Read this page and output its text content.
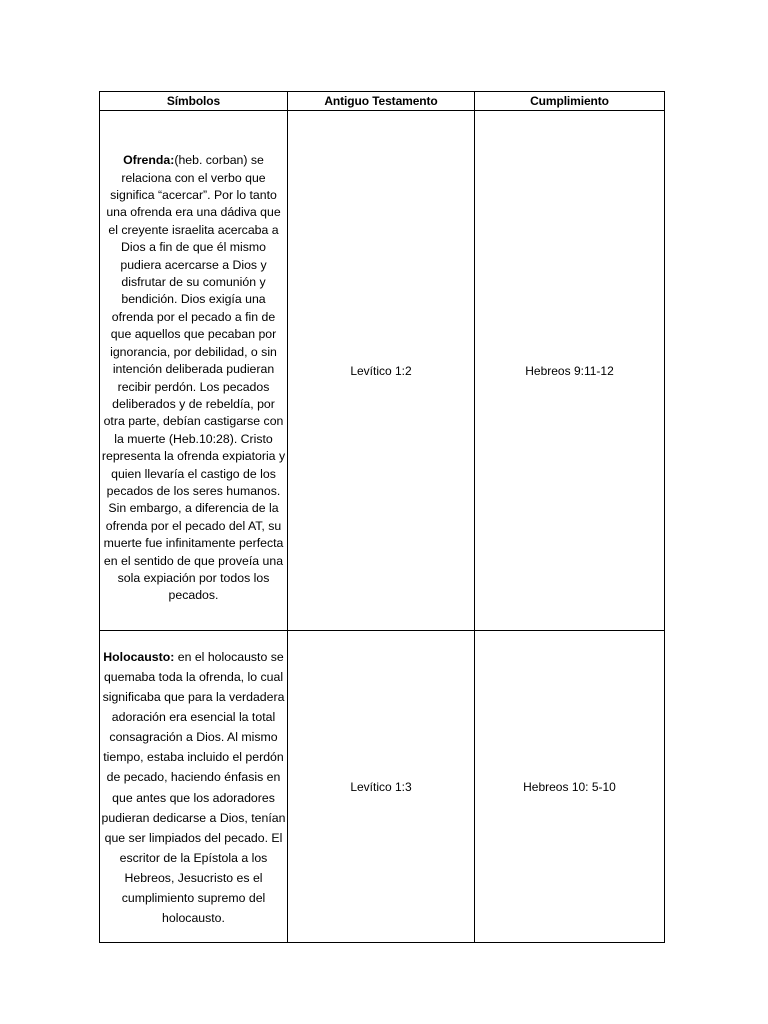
Símbolos	Antiguo Testamento	Cumplimiento
Ofrenda:(heb. corban) se relaciona con el verbo que significa “acercar”. Por lo tanto una ofrenda era una dádiva que el creyente israelita acercaba a Dios a fin de que él mismo pudiera acercarse a Dios y disfrutar de su comunión y bendición. Dios exigía una ofrenda por el pecado a fin de que aquellos que pecaban por ignorancia, por debilidad, o sin intención deliberada pudieran recibir perdón. Los pecados deliberados y de rebeldía, por otra parte, debían castigarse con la muerte (Heb.10:28). Cristo representa la ofrenda expiatoria y quien llevaría el castigo de los pecados de los seres humanos. Sin embargo, a diferencia de la ofrenda por el pecado del AT, su muerte fue infinitamente perfecta en el sentido de que proveía una sola expiación por todos los pecados.	Levítico 1:2	Hebreos 9:11-12
Holocausto: en el holocausto se quemaba toda la ofrenda, lo cual significaba que para la verdadera adoración era esencial la total consagración a Dios. Al mismo tiempo, estaba incluido el perdón de pecado, haciendo énfasis en que antes que los adoradores pudieran dedicarse a Dios, tenían que ser limpiados del pecado. El escritor de la Epístola a los Hebreos, Jesucristo es el cumplimiento supremo del holocausto.	Levítico 1:3	Hebreos 10: 5-10
